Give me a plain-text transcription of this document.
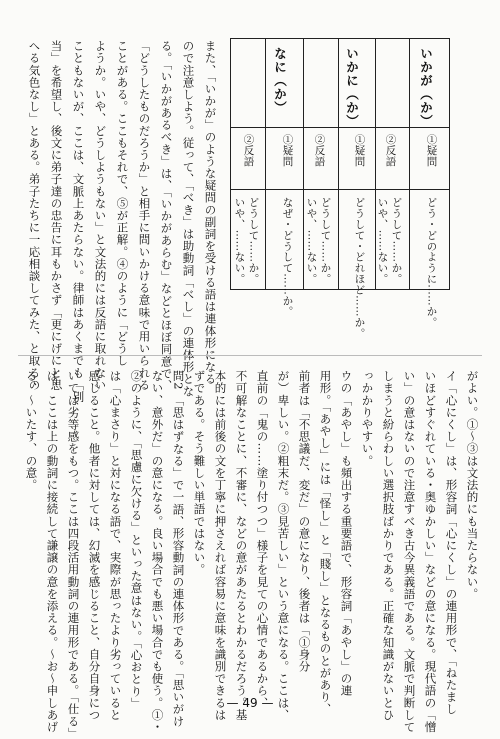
いかが（か）
①疑問
どう・どのように……か。
②反語
どうして……か。
いや、……ない。
いかに（か）
①疑問
どうして・どれほど……か。
②反語
どうして……か。
いや、……ない。
なに（か）
①疑問
なぜ・どうして……か。
②反語
どうして……か。
いや、……ない。
また、「いかが」のような疑問の副詞を受ける語は連体形になる
ので注意しよう。従って、「べき」は助動詞「べし」の連体形とな
る。「いかがあるべき」は、「いかがあらむ」などとほぼ同意で、
「どうしたものだろうか」と相手に問いかける意味で用いられる
ことがある。ここもそれで、⑤が正解。④のように「どうし
ようか。いや、どうしようもない」と文法的には反語に取れない
こともないが、ここは、文脈上あたらない。律師はあくまでも「別
当」を希望し、後文に弟子達の忠告に耳もかさず「更にげにと思
へる気色なし」とある。弟子たちに一応相談してみた、と取るの
がよい。①〜③は文法的にも当たらない。
イ「心にくし」は、形容詞「心にくし」の連用形で、「ねたまし
いほどすぐれている・奥ゆかしい」などの意になる。現代語の「憎
い」の意はないので注意すべき古今異義語である。文脈で判断して
しまうと紛らわしい選択肢ばかりである。正確な知識がないとひ
っかかりやすい。
ウの「あやし」も頻出する重要語で、形容詞「あやし」の連
用形。「あやし」には「怪し」と「賤し」となるものとがあり、
前者は「不思議だ、変だ」の意になり、後者は「①身分
が）卑しい。②粗末だ。③見苦しい」という意になる。ここは、
直前の「鬼の……塗り付つつ」様子を見ての心情であるから、
不可解なことに、不審に、などの意があたるとわかるだろう。基
本的には前後の文を丁寧に押さえれば容易に意味を識別できるは
ずである。そう難しい単語ではない。
問2 「思はずなる」で一語、形容動詞の連体形である。「思いがけ
ない、意外だ」の意になる。良い場合でも悪い場合でも使う。①・
②のように、「思慮に欠ける」といった意はない。「心おとり」
は「心まさり」と対になる語で、実際が思ったより劣っていると
感じること。他者に対しては、幻滅を感じること、自分自身につ
いては劣等感をもつ。ここは四段活用動詞の連用形である。「仕る」
は、ここは上の動詞に接続して謙譲の意を添える。〜お〜申しあげ
る、〜いたす、の意。
— 49 —
